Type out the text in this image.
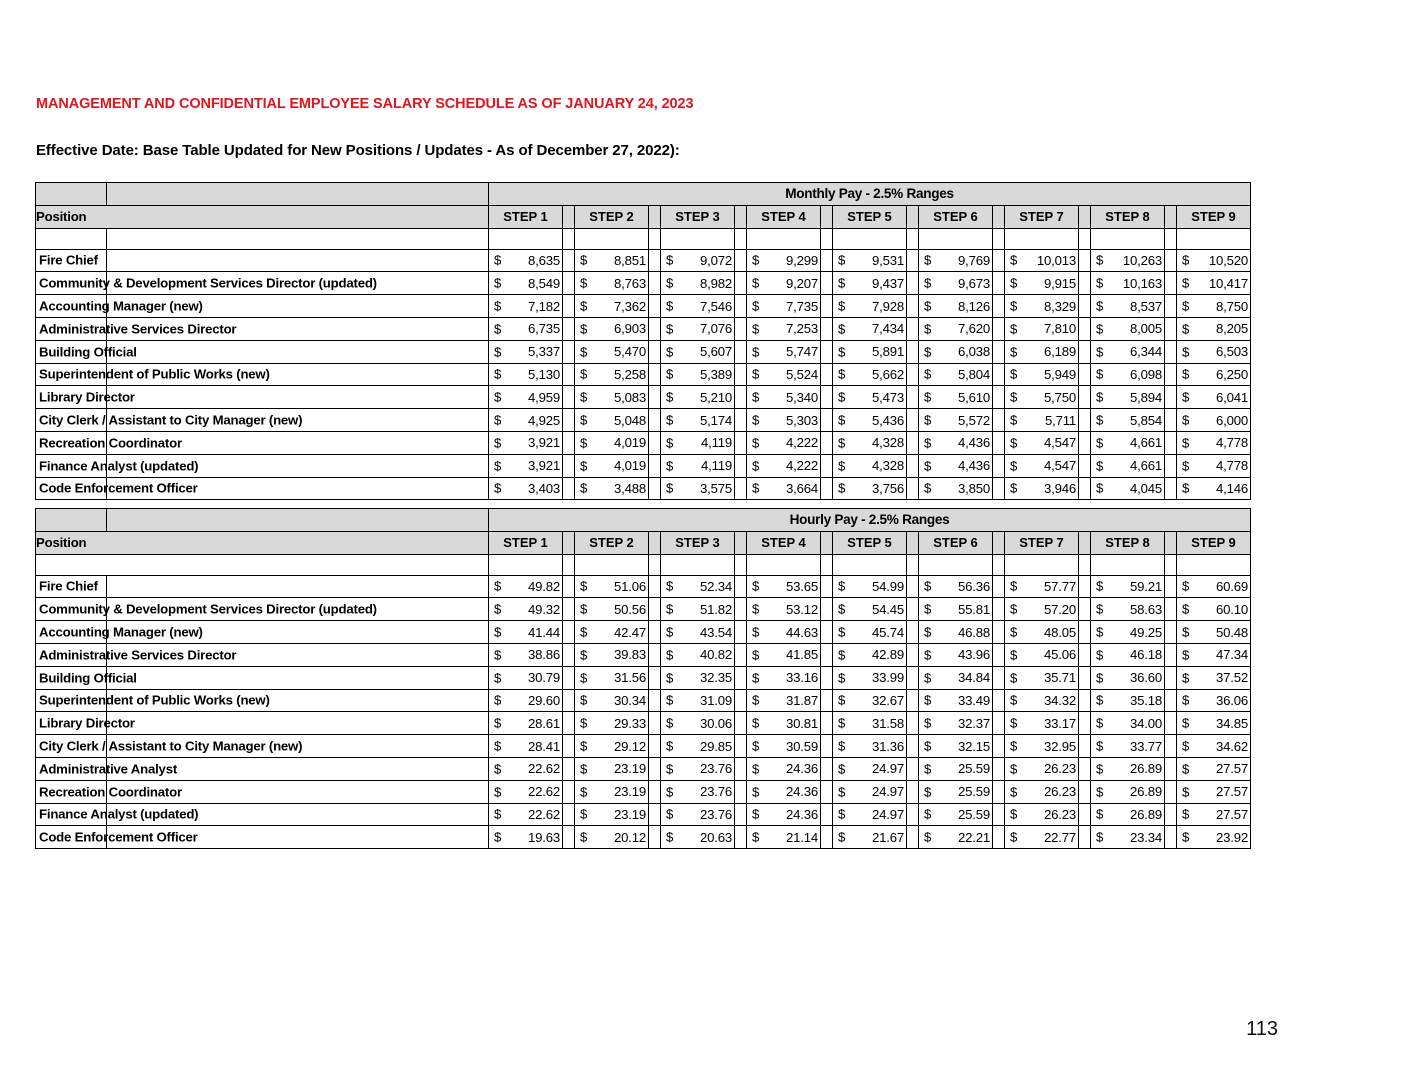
MANAGEMENT AND CONFIDENTIAL EMPLOYEE SALARY SCHEDULE AS OF JANUARY 24, 2023
Effective Date: Base Table Updated for New Positions / Updates - As of December 27, 2022):
		Monthly Pay - 2.5% Ranges																
Position		STEP 1		STEP 2		STEP 3		STEP 4		STEP 5		STEP 6		STEP 7		STEP 8		STEP 9

Fire Chief		$ 8,635		$ 8,851		$ 9,072		$ 9,299		$ 9,531		$ 9,769		$ 10,013		$ 10,263		$ 10,520

Community & Development Services Director (updated)		$ 8,549		$ 8,763		$ 8,982		$ 9,207		$ 9,437		$ 9,673		$ 9,915		$ 10,163		$ 10,417

Accounting Manager (new)		$ 7,182		$ 7,362		$ 7,546		$ 7,735		$ 7,928		$ 8,126		$ 8,329		$ 8,537		$ 8,750

Administrative Services Director		$ 6,735		$ 6,903		$ 7,076		$ 7,253		$ 7,434		$ 7,620		$ 7,810		$ 8,005		$ 8,205

Building Official		$ 5,337		$ 5,470		$ 5,607		$ 5,747		$ 5,891		$ 6,038		$ 6,189		$ 6,344		$ 6,503

Superintendent of Public Works (new)		$ 5,130		$ 5,258		$ 5,389		$ 5,524		$ 5,662		$ 5,804		$ 5,949		$ 6,098		$ 6,250

Library Director		$ 4,959		$ 5,083		$ 5,210		$ 5,340		$ 5,473		$ 5,610		$ 5,750		$ 5,894		$ 6,041

City Clerk / Assistant to City Manager (new)		$ 4,925		$ 5,048		$ 5,174		$ 5,303		$ 5,436		$ 5,572		$ 5,711		$ 5,854		$ 6,000

Recreation Coordinator		$ 3,921		$ 4,019		$ 4,119		$ 4,222		$ 4,328		$ 4,436		$ 4,547		$ 4,661		$ 4,778

Finance Analyst (updated)		$ 3,921		$ 4,019		$ 4,119		$ 4,222		$ 4,328		$ 4,436		$ 4,547		$ 4,661		$ 4,778

Code Enforcement Officer		$ 3,403		$ 3,488		$ 3,575		$ 3,664		$ 3,756		$ 3,850		$ 3,946		$ 4,045		$ 4,146
		Hourly Pay - 2.5% Ranges																
Position		STEP 1		STEP 2		STEP 3		STEP 4		STEP 5		STEP 6		STEP 7		STEP 8		STEP 9

Fire Chief		$ 49.82		$ 51.06		$ 52.34		$ 53.65		$ 54.99		$ 56.36		$ 57.77		$ 59.21		$ 60.69

Community & Development Services Director (updated)		$ 49.32		$ 50.56		$ 51.82		$ 53.12		$ 54.45		$ 55.81		$ 57.20		$ 58.63		$ 60.10

Accounting Manager (new)		$ 41.44		$ 42.47		$ 43.54		$ 44.63		$ 45.74		$ 46.88		$ 48.05		$ 49.25		$ 50.48

Administrative Services Director		$ 38.86		$ 39.83		$ 40.82		$ 41.85		$ 42.89		$ 43.96		$ 45.06		$ 46.18		$ 47.34

Building Official		$ 30.79		$ 31.56		$ 32.35		$ 33.16		$ 33.99		$ 34.84		$ 35.71		$ 36.60		$ 37.52

Superintendent of Public Works (new)		$ 29.60		$ 30.34		$ 31.09		$ 31.87		$ 32.67		$ 33.49		$ 34.32		$ 35.18		$ 36.06

Library Director		$ 28.61		$ 29.33		$ 30.06		$ 30.81		$ 31.58		$ 32.37		$ 33.17		$ 34.00		$ 34.85

City Clerk / Assistant to City Manager (new)		$ 28.41		$ 29.12		$ 29.85		$ 30.59		$ 31.36		$ 32.15		$ 32.95		$ 33.77		$ 34.62

Administrative Analyst		$ 22.62		$ 23.19		$ 23.76		$ 24.36		$ 24.97		$ 25.59		$ 26.23		$ 26.89		$ 27.57

Recreation Coordinator		$ 22.62		$ 23.19		$ 23.76		$ 24.36		$ 24.97		$ 25.59		$ 26.23		$ 26.89		$ 27.57

Finance Analyst (updated)		$ 22.62		$ 23.19		$ 23.76		$ 24.36		$ 24.97		$ 25.59		$ 26.23		$ 26.89		$ 27.57

Code Enforcement Officer		$ 19.63		$ 20.12		$ 20.63		$ 21.14		$ 21.67		$ 22.21		$ 22.77		$ 23.34		$ 23.92
113
